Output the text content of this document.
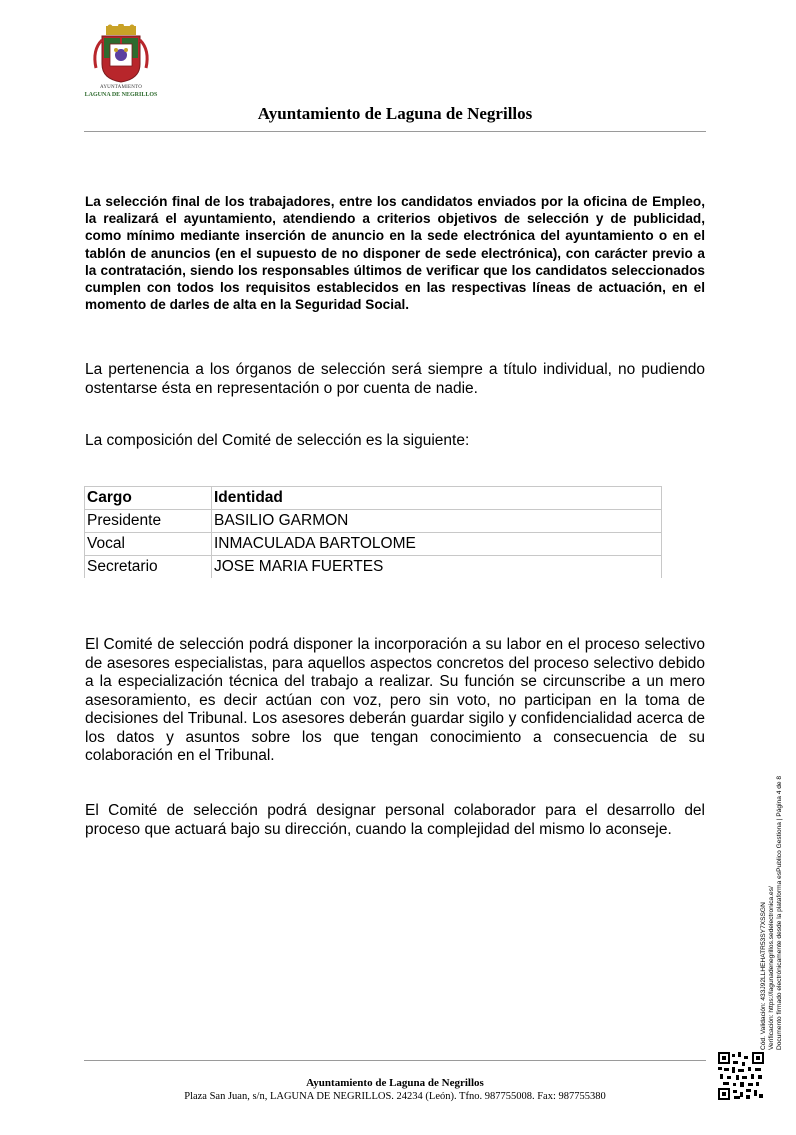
AYUNTAMIENTO
LAGUNA DE NEGRILLOS
Ayuntamiento de Laguna de Negrillos
La selección final de los trabajadores, entre los candidatos enviados por la oficina de Empleo, la realizará el ayuntamiento, atendiendo a criterios objetivos de selección y de publicidad, como mínimo mediante inserción de anuncio en la sede electrónica del ayuntamiento o en el tablón de anuncios (en el supuesto de no disponer de sede electrónica), con carácter previo a la contratación, siendo los responsables últimos de verificar que los candidatos seleccionados cumplen con todos los requisitos establecidos en las respectivas líneas de actuación, en el momento de darles de alta en la Seguridad Social.
La pertenencia a los órganos de selección será siempre a título individual, no pudiendo ostentarse ésta en representación o por cuenta de nadie.
La composición del Comité de selección es la siguiente:
Cargo	Identidad
Presidente	BASILIO GARMON
Vocal	INMACULADA BARTOLOME
Secretario	JOSE MARIA FUERTES
El Comité de selección podrá disponer la incorporación a su labor en el proceso selectivo de asesores especialistas, para aquellos aspectos concretos del proceso selectivo debido a la especialización técnica del trabajo a realizar. Su función se circunscribe a un mero asesoramiento, es decir actúan con voz, pero sin voto, no participan en la toma de decisiones del Tribunal. Los asesores deberán guardar sigilo y confidencialidad acerca de los datos y asuntos sobre los que tengan conocimiento a consecuencia de su colaboración en el Tribunal.
El Comité de selección podrá designar personal colaborador para el desarrollo del proceso que actuará bajo su dirección, cuando la complejidad del mismo lo aconseje.
Cód. Validación: 433J92LLHEHATR53SY7XSSGN Verificación: https://lagunadenegrillos.sedelectronica.es/ Documento firmado electrónicamente desde la plataforma esPublico Gestiona | Página 4 de 8
Ayuntamiento de Laguna de Negrillos
Plaza San Juan, s/n, LAGUNA DE NEGRILLOS. 24234 (León). Tfno. 987755008. Fax: 987755380
